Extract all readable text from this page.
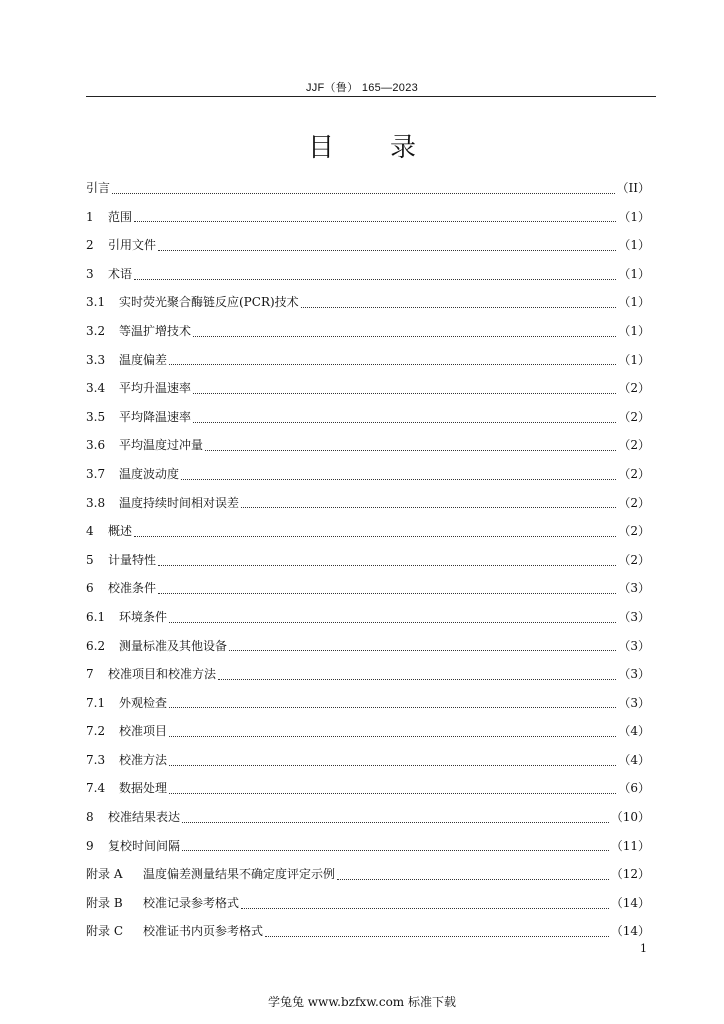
JJF（鲁） 165—2023
目 录
引言	（II）
1	范围	（1）
2	引用文件	（1）
3	术语	（1）
3.1	实时荧光聚合酶链反应(PCR)技术	（1）
3.2	等温扩增技术	（1）
3.3	温度偏差	（1）
3.4	平均升温速率	（2）
3.5	平均降温速率	（2）
3.6	平均温度过冲量	（2）
3.7	温度波动度	（2）
3.8	温度持续时间相对误差	（2）
4	概述	（2）
5	计量特性	（2）
6	校准条件	（3）
6.1	环境条件	（3）
6.2	测量标准及其他设备	（3）
7	校准项目和校准方法	（3）
7.1	外观检查	（3）
7.2	校准项目	（4）
7.3	校准方法	（4）
7.4	数据处理	（6）
8	校准结果表达	（10）
9	复校时间间隔	（11）
附录 A	温度偏差测量结果不确定度评定示例	（12）
附录 B	校准记录参考格式	（14）
附录 C	校准证书内页参考格式	（14）
1
学兔兔 www.bzfxw.com 标准下载
